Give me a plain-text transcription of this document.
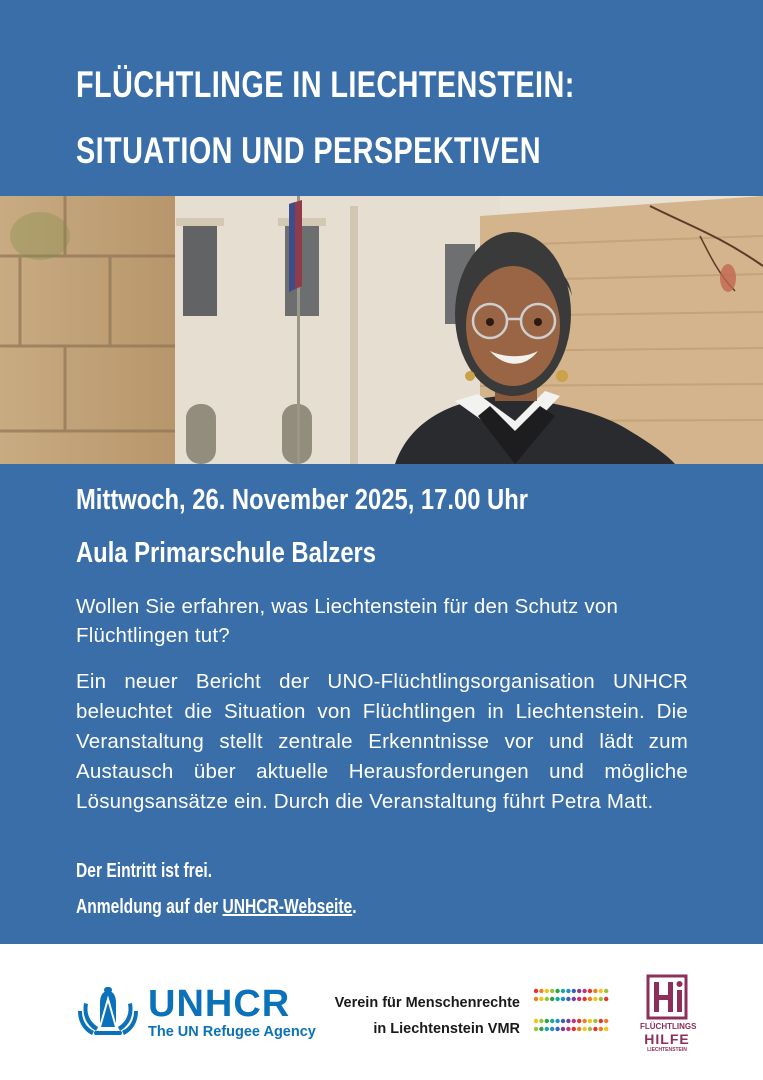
FLÜCHTLINGE IN LIECHTENSTEIN:
SITUATION UND PERSPEKTIVEN

Mittwoch, 26. November 2025, 17.00 Uhr

Aula Primarschule Balzers

Wollen Sie erfahren, was Liechtenstein für den Schutz von Flüchtlingen tut?

Ein neuer Bericht der UNO-Flüchtlingsorganisation UNHCR beleuchtet die Situation von Flüchtlingen in Liechtenstein. Die Veranstaltung stellt zentrale Erkenntnisse vor und lädt zum Austausch über aktuelle Herausforderungen und mögliche Lösungsansätze ein. Durch die Veranstaltung führt Petra Matt.

Der Eintritt ist frei.

Anmeldung auf der UNHCR-Webseite.

UNHCR
The UN Refugee Agency
Verein für Menschenrechte
in Liechtenstein VMR	FLÜCHTLINGS
HILFE
LIECHTENSTEIN
